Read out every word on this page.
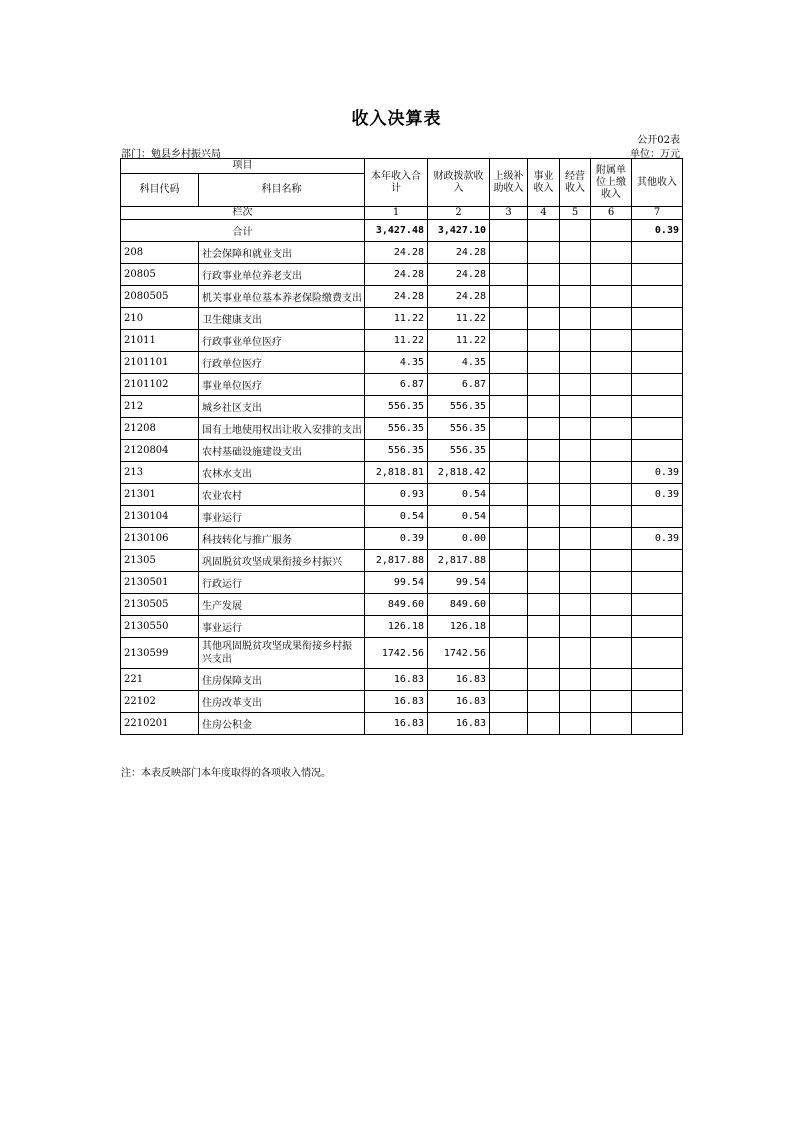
收入决算表
公开02表
部门：勉县乡村振兴局	单位：万元
项目		本年收入合计	财政拨款收入	上级补助收入	事业收入	经营收入	附属单位上缴收入	其他收入
科目代码	科目名称							
栏次		1	2	3	4	5	6	7
合计		3,427.48	3,427.10					0.39
208	社会保障和就业支出	24.28	24.28					
20805	行政事业单位养老支出	24.28	24.28					
2080505	机关事业单位基本养老保险缴费支出	24.28	24.28					
210	卫生健康支出	11.22	11.22					
21011	行政事业单位医疗	11.22	11.22					
2101101	行政单位医疗	4.35	4.35					
2101102	事业单位医疗	6.87	6.87					
212	城乡社区支出	556.35	556.35					
21208	国有土地使用权出让收入安排的支出	556.35	556.35					
2120804	农村基础设施建设支出	556.35	556.35					
213	农林水支出	2,818.81	2,818.42					0.39
21301	农业农村	0.93	0.54					0.39
2130104	事业运行	0.54	0.54					
2130106	科技转化与推广服务	0.39	0.00					0.39
21305	巩固脱贫攻坚成果衔接乡村振兴	2,817.88	2,817.88					
2130501	行政运行	99.54	99.54					
2130505	生产发展	849.60	849.60					
2130550	事业运行	126.18	126.18					
2130599	其他巩固脱贫攻坚成果衔接乡村振兴支出	1742.56	1742.56					
221	住房保障支出	16.83	16.83					
22102	住房改革支出	16.83	16.83					
2210201	住房公积金	16.83	16.83					
注：本表反映部门本年度取得的各项收入情况。
